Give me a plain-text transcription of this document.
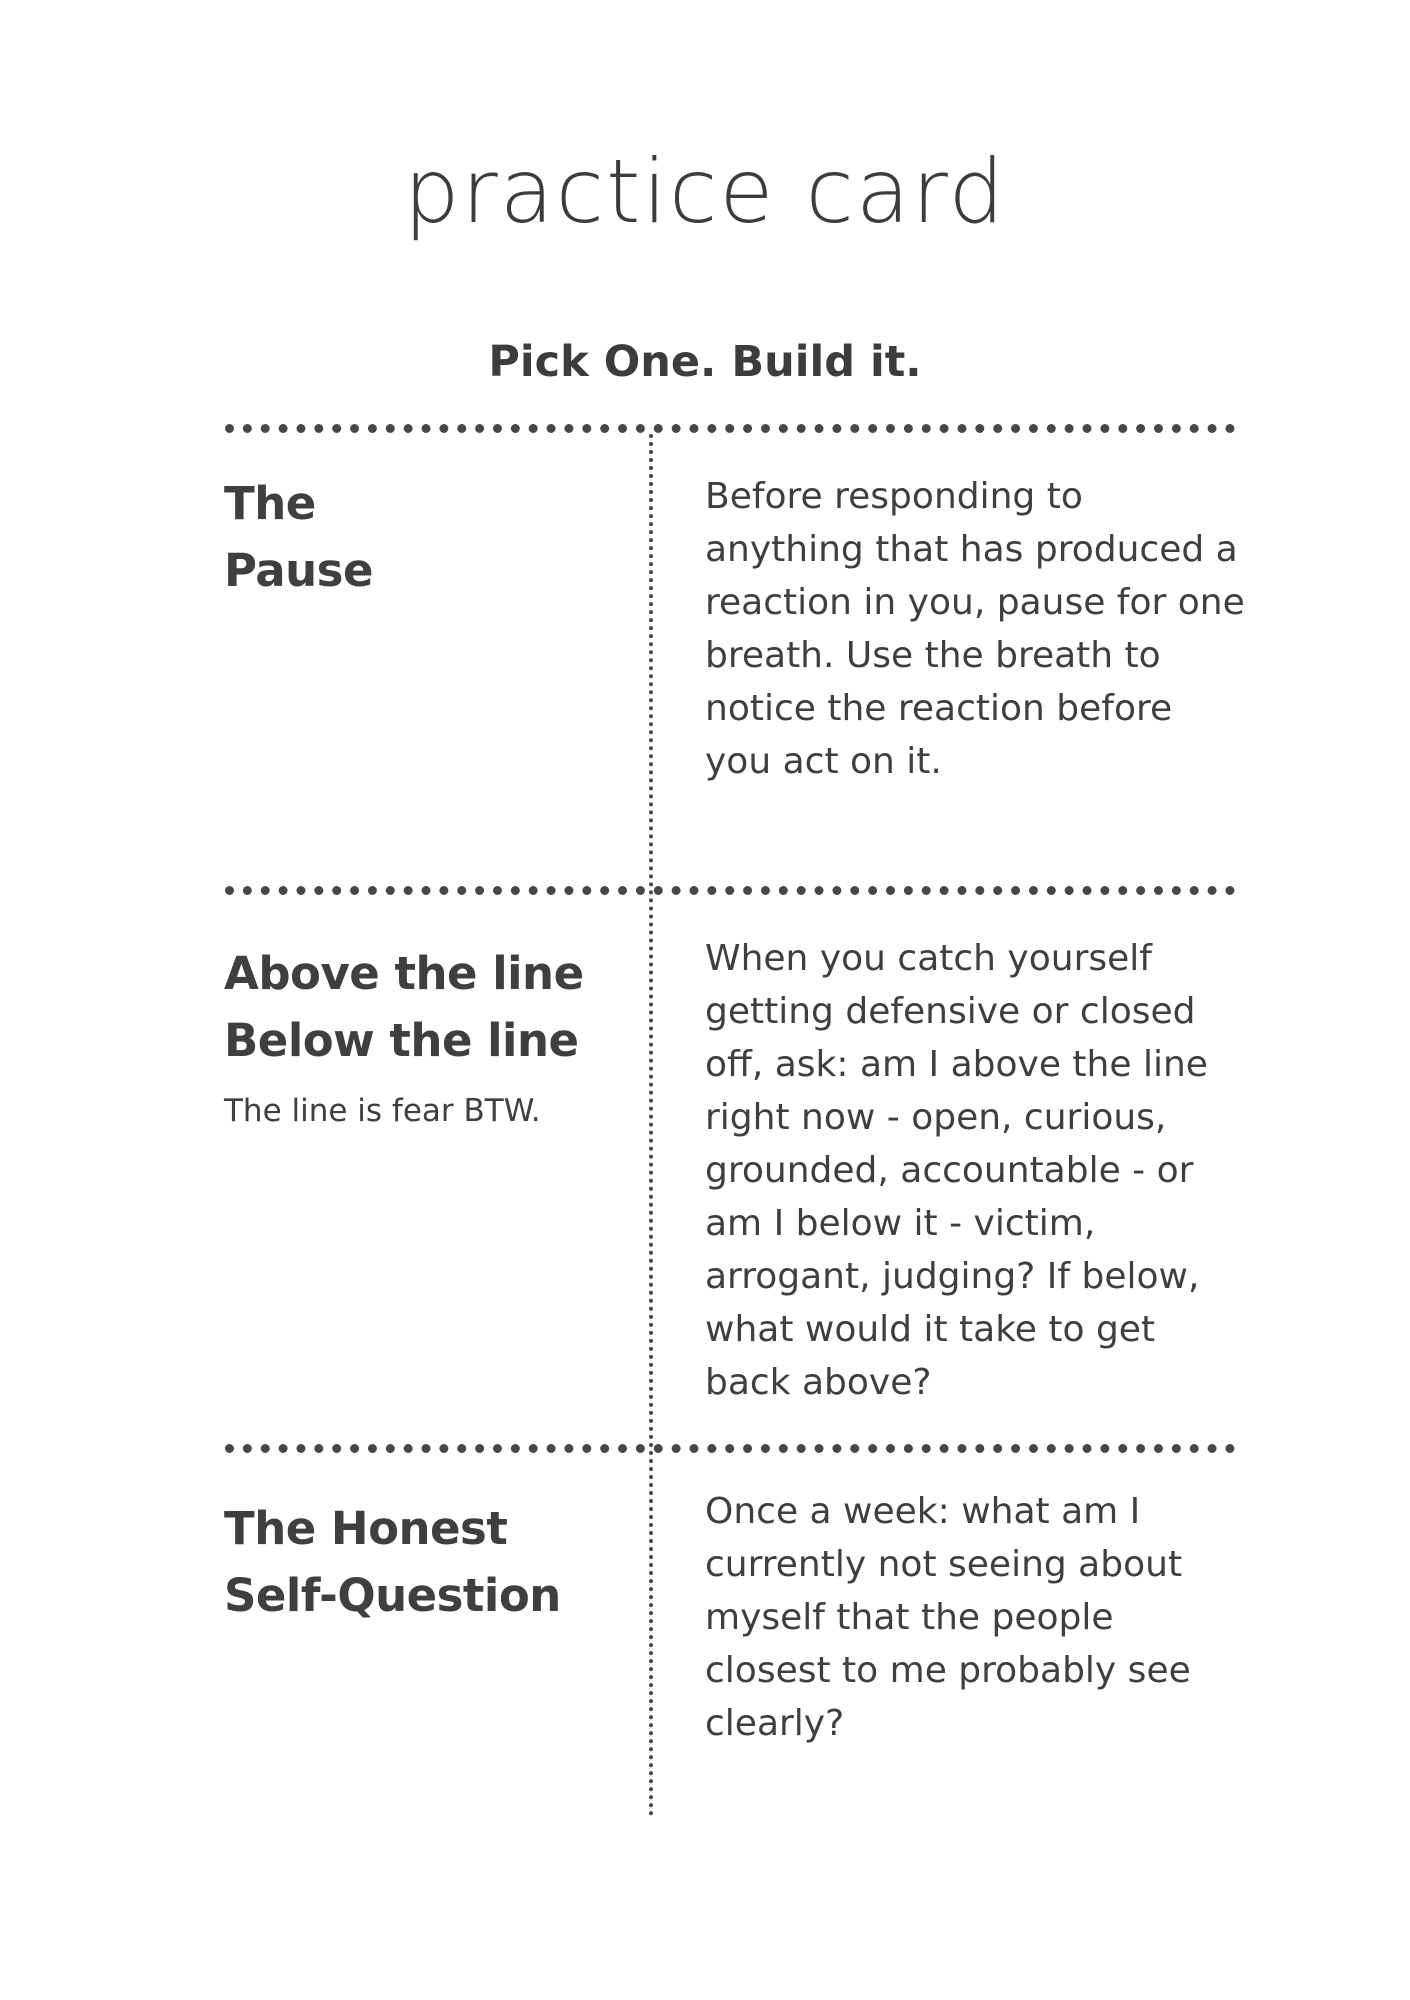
practice card
Pick One. Build it.
The
Pause
Before responding to anything that has produced a reaction in you, pause for one breath. Use the breath to notice the reaction before you act on it.
Above the line
Below the line
The line is fear BTW.
When you catch yourself getting defensive or closed off, ask: am I above the line right now - open, curious, grounded, accountable - or am I below it - victim, arrogant, judging? If below, what would it take to get back above?
The Honest
Self-Question
Once a week: what am I currently not seeing about myself that the people closest to me probably see clearly?
